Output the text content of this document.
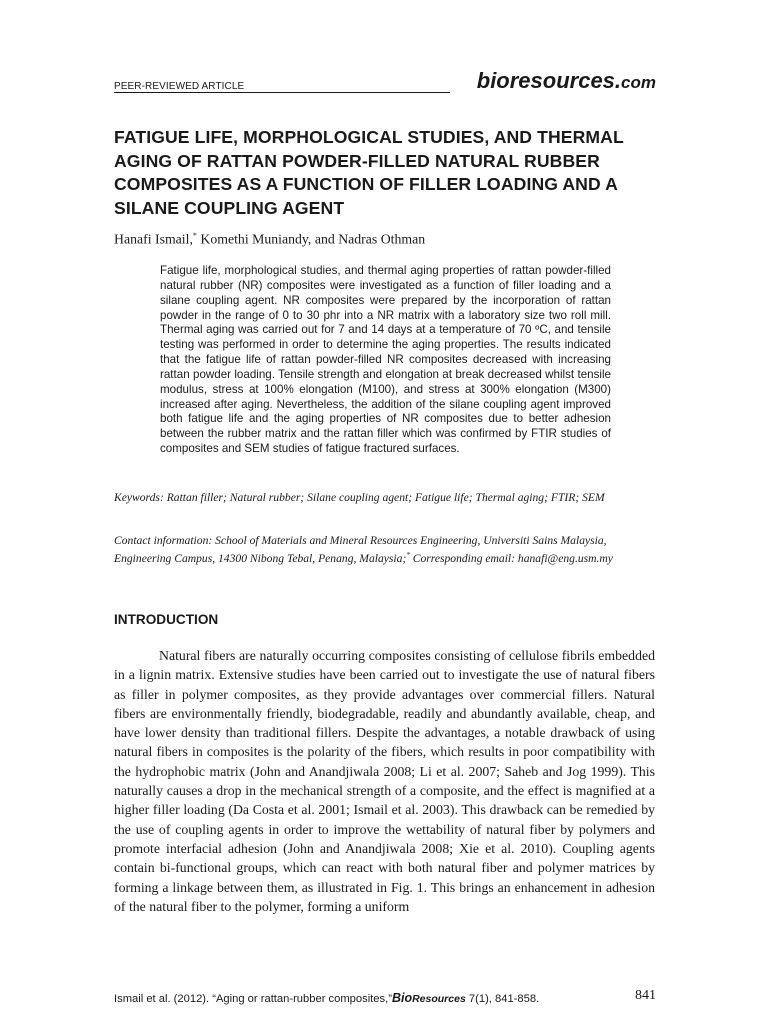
PEER-REVIEWED ARTICLE	bioresources.com
FATIGUE LIFE, MORPHOLOGICAL STUDIES, AND THERMAL AGING OF RATTAN POWDER-FILLED NATURAL RUBBER COMPOSITES AS A FUNCTION OF FILLER LOADING AND A SILANE COUPLING AGENT
Hanafi Ismail,* Komethi Muniandy, and Nadras Othman

Fatigue life, morphological studies, and thermal aging properties of rattan powder-filled natural rubber (NR) composites were investigated as a function of filler loading and a silane coupling agent. NR composites were prepared by the incorporation of rattan powder in the range of 0 to 30 phr into a NR matrix with a laboratory size two roll mill. Thermal aging was carried out for 7 and 14 days at a temperature of 70 ºC, and tensile testing was performed in order to determine the aging properties. The results indicated that the fatigue life of rattan powder-filled NR composites decreased with increasing rattan powder loading. Tensile strength and elongation at break decreased whilst tensile modulus, stress at 100% elongation (M100), and stress at 300% elongation (M300) increased after aging. Nevertheless, the addition of the silane coupling agent improved both fatigue life and the aging properties of NR composites due to better adhesion between the rubber matrix and the rattan filler which was confirmed by FTIR studies of composites and SEM studies of fatigue fractured surfaces.

Keywords: Rattan filler; Natural rubber; Silane coupling agent; Fatigue life; Thermal aging; FTIR; SEM

Contact information: School of Materials and Mineral Resources Engineering, Universiti Sains Malaysia, Engineering Campus, 14300 Nibong Tebal, Penang, Malaysia;* Corresponding email: hanafi@eng.usm.my

INTRODUCTION

Natural fibers are naturally occurring composites consisting of cellulose fibrils embedded in a lignin matrix. Extensive studies have been carried out to investigate the use of natural fibers as filler in polymer composites, as they provide advantages over commercial fillers. Natural fibers are environmentally friendly, biodegradable, readily and abundantly available, cheap, and have lower density than traditional fillers. Despite the advantages, a notable drawback of using natural fibers in composites is the polarity of the fibers, which results in poor compatibility with the hydrophobic matrix (John and Anandjiwala 2008; Li et al. 2007; Saheb and Jog 1999). This naturally causes a drop in the mechanical strength of a composite, and the effect is magnified at a higher filler loading (Da Costa et al. 2001; Ismail et al. 2003). This drawback can be remedied by the use of coupling agents in order to improve the wettability of natural fiber by polymers and promote interfacial adhesion (John and Anandjiwala 2008; Xie et al. 2010). Coupling agents contain bi-functional groups, which can react with both natural fiber and polymer matrices by forming a linkage between them, as illustrated in Fig. 1. This brings an enhancement in adhesion of the natural fiber to the polymer, forming a uniform

Ismail et al. (2012). “Aging or rattan-rubber composites,”BioResources 7(1), 841-858.	841
